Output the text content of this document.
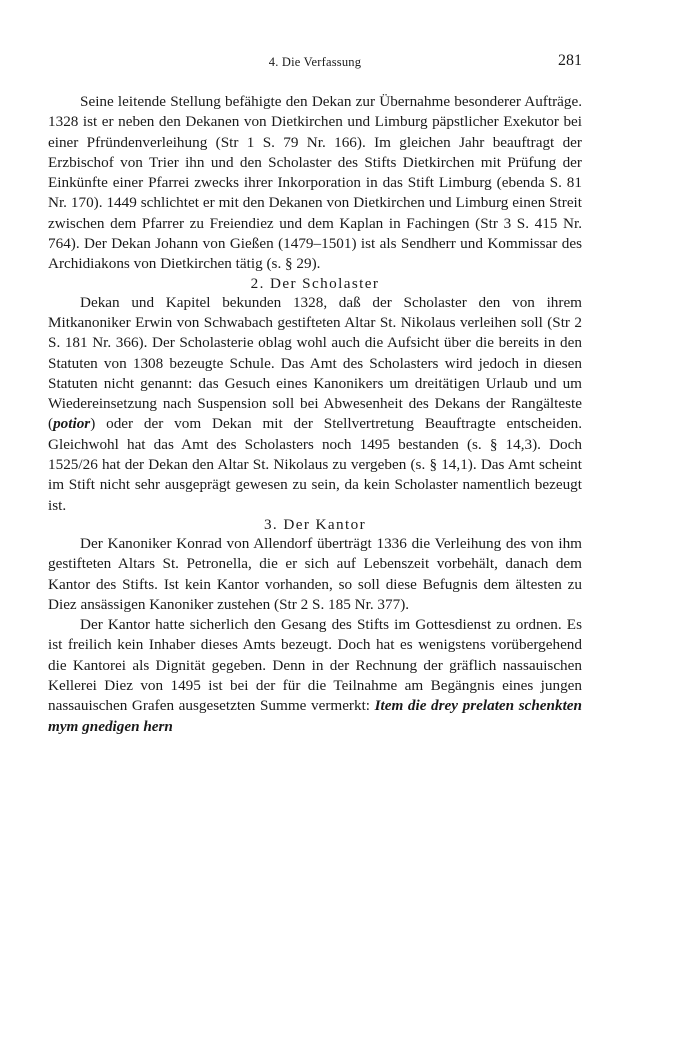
4. Die Verfassung	281

Seine leitende Stellung befähigte den Dekan zur Übernahme besonderer Aufträge. 1328 ist er neben den Dekanen von Dietkirchen und Limburg päpstlicher Exekutor bei einer Pfründenverleihung (Str 1 S. 79 Nr. 166). Im gleichen Jahr beauftragt der Erzbischof von Trier ihn und den Scholaster des Stifts Dietkirchen mit Prüfung der Einkünfte einer Pfarrei zwecks ihrer Inkorporation in das Stift Limburg (ebenda S. 81 Nr. 170). 1449 schlichtet er mit den Dekanen von Dietkirchen und Limburg einen Streit zwischen dem Pfarrer zu Freiendiez und dem Kaplan in Fachingen (Str 3 S. 415 Nr. 764). Der Dekan Johann von Gießen (1479–1501) ist als Sendherr und Kommissar des Archidiakons von Dietkirchen tätig (s. § 29).

2. Der Scholaster

Dekan und Kapitel bekunden 1328, daß der Scholaster den von ihrem Mitkanoniker Erwin von Schwabach gestifteten Altar St. Nikolaus verleihen soll (Str 2 S. 181 Nr. 366). Der Scholasterie oblag wohl auch die Aufsicht über die bereits in den Statuten von 1308 bezeugte Schule. Das Amt des Scholasters wird jedoch in diesen Statuten nicht genannt: das Gesuch eines Kanonikers um dreitätigen Urlaub und um Wiedereinsetzung nach Suspension soll bei Abwesenheit des Dekans der Rangälteste (potior) oder der vom Dekan mit der Stellvertretung Beauftragte entscheiden. Gleichwohl hat das Amt des Scholasters noch 1495 bestanden (s. § 14,3). Doch 1525/26 hat der Dekan den Altar St. Nikolaus zu vergeben (s. § 14,1). Das Amt scheint im Stift nicht sehr ausgeprägt gewesen zu sein, da kein Scholaster namentlich bezeugt ist.

3. Der Kantor

Der Kanoniker Konrad von Allendorf überträgt 1336 die Verleihung des von ihm gestifteten Altars St. Petronella, die er sich auf Lebenszeit vorbehält, danach dem Kantor des Stifts. Ist kein Kantor vorhanden, so soll diese Befugnis dem ältesten zu Diez ansässigen Kanoniker zustehen (Str 2 S. 185 Nr. 377).

Der Kantor hatte sicherlich den Gesang des Stifts im Gottesdienst zu ordnen. Es ist freilich kein Inhaber dieses Amts bezeugt. Doch hat es wenigstens vorübergehend die Kantorei als Dignität gegeben. Denn in der Rechnung der gräflich nassauischen Kellerei Diez von 1495 ist bei der für die Teilnahme am Begängnis eines jungen nassauischen Grafen ausgesetzten Summe vermerkt: Item die drey prelaten schenkten mym gnedigen hern
